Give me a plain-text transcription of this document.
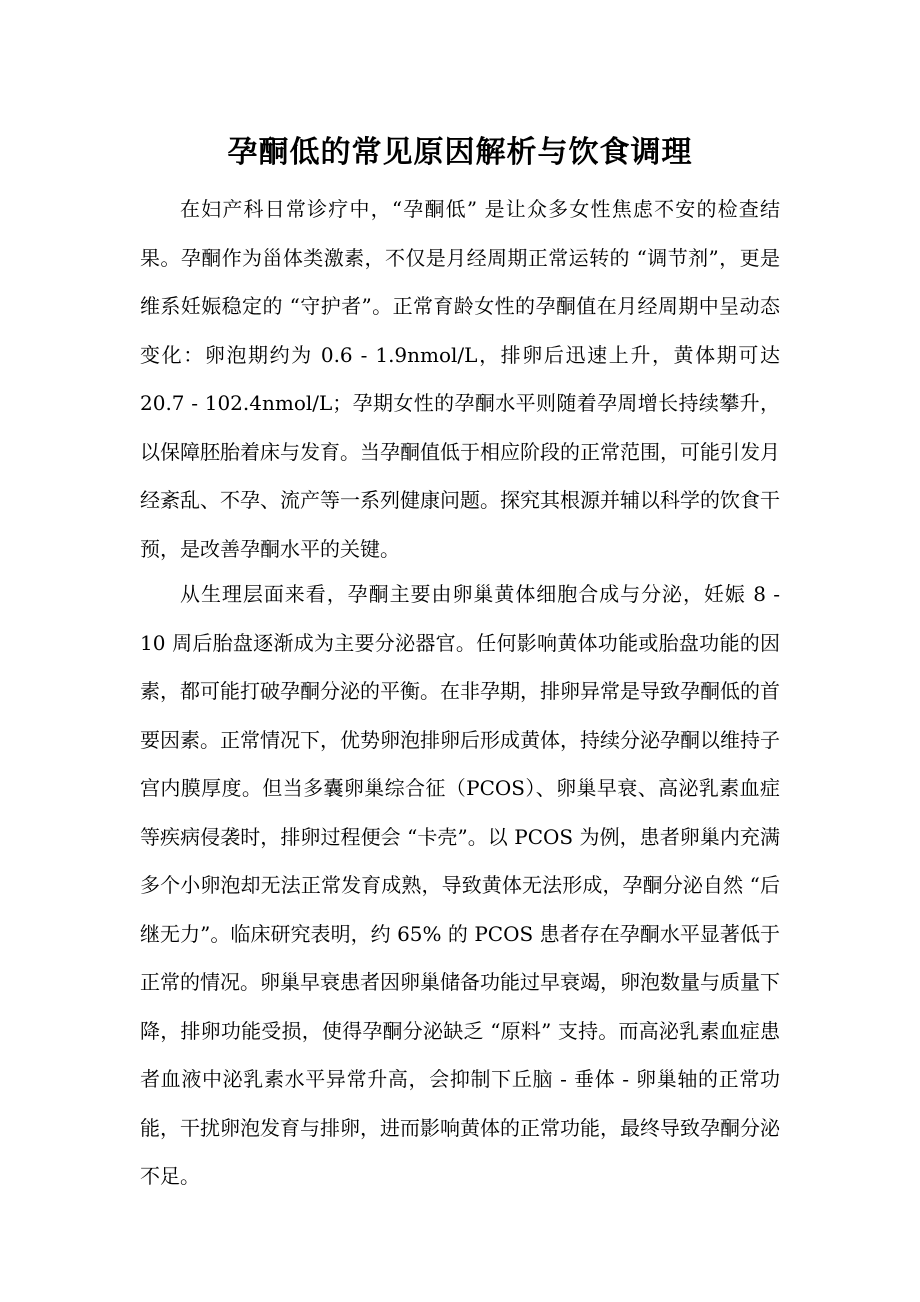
孕酮低的常见原因解析与饮食调理

在妇产科日常诊疗中，“孕酮低” 是让众多女性焦虑不安的检查结果。孕酮作为甾体类激素，不仅是月经周期正常运转的 “调节剂”，更是维系妊娠稳定的 “守护者”。正常育龄女性的孕酮值在月经周期中呈动态变化：卵泡期约为 0.6 - 1.9nmol/L，排卵后迅速上升，黄体期可达 20.7 - 102.4nmol/L；孕期女性的孕酮水平则随着孕周增长持续攀升，以保障胚胎着床与发育。当孕酮值低于相应阶段的正常范围，可能引发月经紊乱、不孕、流产等一系列健康问题。探究其根源并辅以科学的饮食干预，是改善孕酮水平的关键。

从生理层面来看，孕酮主要由卵巢黄体细胞合成与分泌，妊娠 8 - 10 周后胎盘逐渐成为主要分泌器官。任何影响黄体功能或胎盘功能的因素，都可能打破孕酮分泌的平衡。在非孕期，排卵异常是导致孕酮低的首要因素。正常情况下，优势卵泡排卵后形成黄体，持续分泌孕酮以维持子宫内膜厚度。但当多囊卵巢综合征（PCOS）、卵巢早衰、高泌乳素血症等疾病侵袭时，排卵过程便会 “卡壳”。以 PCOS 为例，患者卵巢内充满多个小卵泡却无法正常发育成熟，导致黄体无法形成，孕酮分泌自然 “后继无力”。临床研究表明，约 65% 的 PCOS 患者存在孕酮水平显著低于正常的情况。卵巢早衰患者因卵巢储备功能过早衰竭，卵泡数量与质量下降，排卵功能受损，使得孕酮分泌缺乏 “原料” 支持。而高泌乳素血症患者血液中泌乳素水平异常升高，会抑制下丘脑 - 垂体 - 卵巢轴的正常功能，干扰卵泡发育与排卵，进而影响黄体的正常功能，最终导致孕酮分泌不足。
